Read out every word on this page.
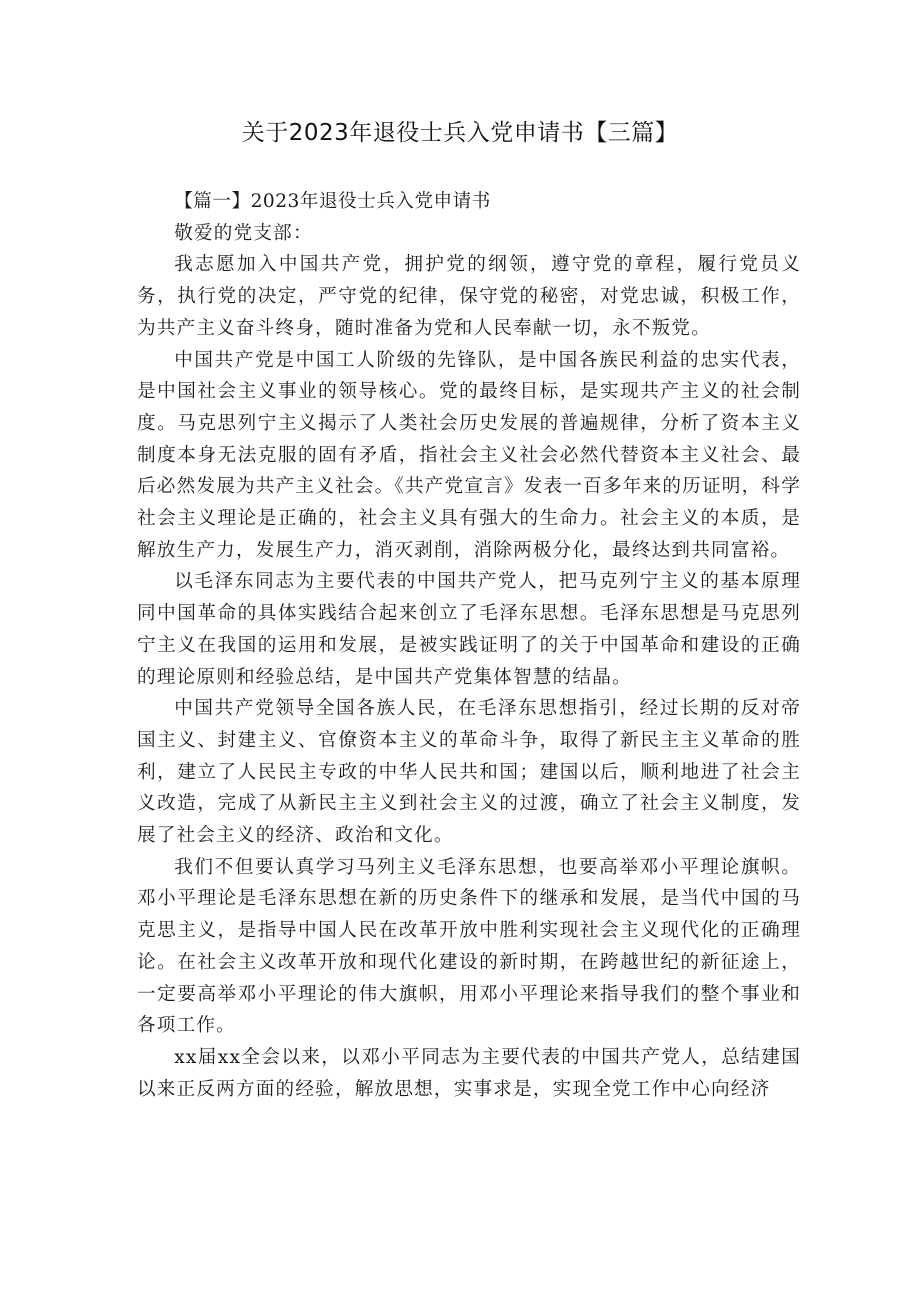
关于2023年退役士兵入党申请书【三篇】

【篇一】2023年退役士兵入党申请书

敬爱的党支部：

我志愿加入中国共产党，拥护党的纲领，遵守党的章程，履行党员义务，执行党的决定，严守党的纪律，保守党的秘密，对党忠诚，积极工作，为共产主义奋斗终身，随时准备为党和人民奉献一切，永不叛党。

中国共产党是中国工人阶级的先锋队，是中国各族民利益的忠实代表，是中国社会主义事业的领导核心。党的最终目标，是实现共产主义的社会制度。马克思列宁主义揭示了人类社会历史发展的普遍规律，分析了资本主义制度本身无法克服的固有矛盾，指社会主义社会必然代替资本主义社会、最后必然发展为共产主义社会。《共产党宣言》发表一百多年来的历证明，科学社会主义理论是正确的，社会主义具有强大的生命力。社会主义的本质，是解放生产力，发展生产力，消灭剥削，消除两极分化，最终达到共同富裕。

以毛泽东同志为主要代表的中国共产党人，把马克列宁主义的基本原理同中国革命的具体实践结合起来创立了毛泽东思想。毛泽东思想是马克思列宁主义在我国的运用和发展，是被实践证明了的关于中国革命和建设的正确的理论原则和经验总结，是中国共产党集体智慧的结晶。

中国共产党领导全国各族人民，在毛泽东思想指引，经过长期的反对帝国主义、封建主义、官僚资本主义的革命斗争，取得了新民主主义革命的胜利，建立了人民民主专政的中华人民共和国；建国以后，顺利地进了社会主义改造，完成了从新民主主义到社会主义的过渡，确立了社会主义制度，发展了社会主义的经济、政治和文化。

我们不但要认真学习马列主义毛泽东思想，也要高举邓小平理论旗帜。邓小平理论是毛泽东思想在新的历史条件下的继承和发展，是当代中国的马克思主义，是指导中国人民在改革开放中胜利实现社会主义现代化的正确理论。在社会主义改革开放和现代化建设的新时期，在跨越世纪的新征途上，一定要高举邓小平理论的伟大旗帜，用邓小平理论来指导我们的整个事业和各项工作。

xx届xx全会以来，以邓小平同志为主要代表的中国共产党人，总结建国以来正反两方面的经验，解放思想，实事求是，实现全党工作中心向经济
